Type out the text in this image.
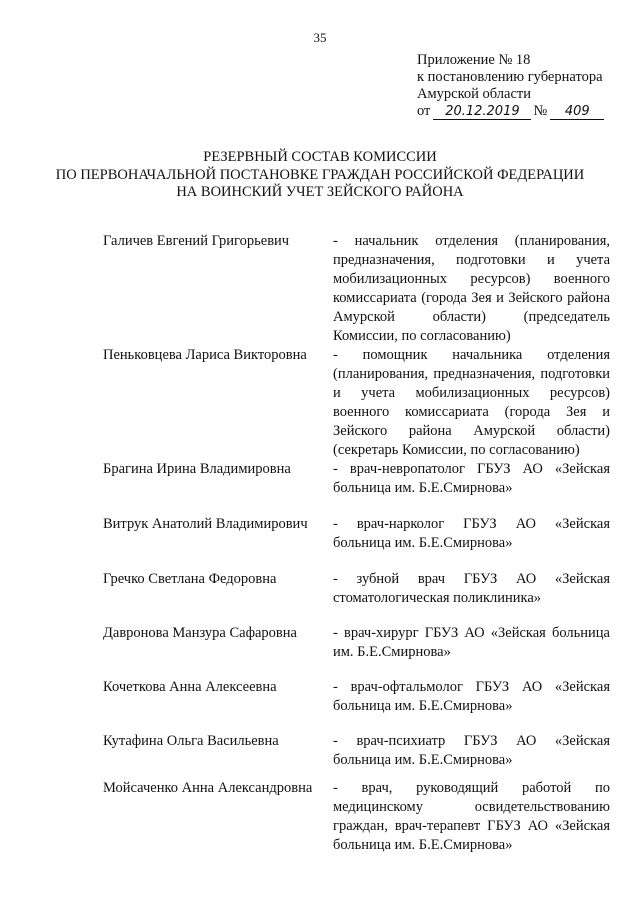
35
Приложение № 18
к постановлению губернатора
Амурской области
от 20.12.2019 № 409
РЕЗЕРВНЫЙ СОСТАВ КОМИССИИ
ПО ПЕРВОНАЧАЛЬНОЙ ПОСТАНОВКЕ ГРАЖДАН РОССИЙСКОЙ ФЕДЕРАЦИИ
НА ВОИНСКИЙ УЧЕТ ЗЕЙСКОГО РАЙОНА
Галичев Евгений Григорьевич	- начальник отделения (планирования, предназначения, подготовки и учета мобилизационных ресурсов) военного комиссариата (города Зея и Зейского района Амурской области) (председатель Комиссии, по согласованию)
Пеньковцева Лариса Викторовна	- помощник начальника отделения (планирования, предназначения, подготовки и учета мобилизационных ресурсов) военного комиссариата (города Зея и Зейского района Амурской области) (секретарь Комиссии, по согласованию)
Брагина Ирина Владимировна	- врач-невропатолог ГБУЗ АО «Зейская больница им. Б.Е.Смирнова»
Витрук Анатолий Владимирович	- врач-нарколог ГБУЗ АО «Зейская больница им. Б.Е.Смирнова»
Гречко Светлана Федоровна	- зубной врач ГБУЗ АО «Зейская стоматологическая поликлиника»
Давронова Манзура Сафаровна	- врач-хирург ГБУЗ АО «Зейская больница им. Б.Е.Смирнова»
Кочеткова Анна Алексеевна	- врач-офтальмолог ГБУЗ АО «Зейская больница им. Б.Е.Смирнова»
Кутафина Ольга Васильевна	- врач-психиатр ГБУЗ АО «Зейская больница им. Б.Е.Смирнова»
Мойсаченко Анна Александровна	- врач, руководящий работой по медицинскому освидетельствованию граждан, врач-терапевт ГБУЗ АО «Зейская больница им. Б.Е.Смирнова»
